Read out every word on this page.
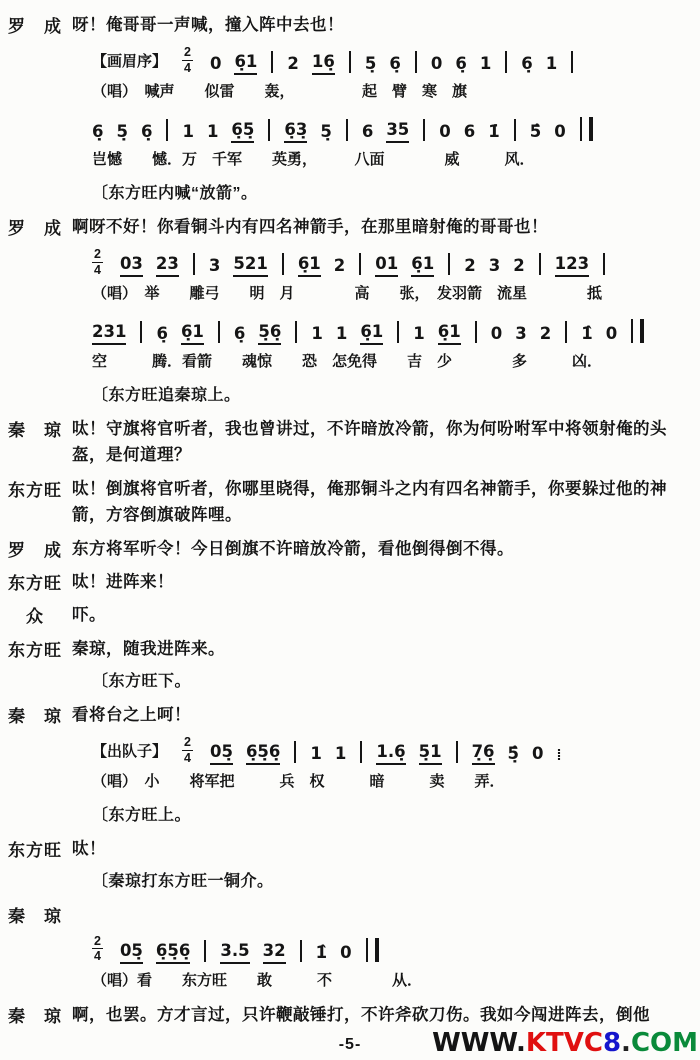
罗　成 呀！俺哥哥一声喊，撞入阵中去也！
【画眉序】 $\frac{2}{4} 0$ 6̣1 2 16̣ 5̣ 6̣ 0 6̣ 1 6̣ 1
（唱）　喊声　　似雷　　轰，　　　　　起　臂　寒　旗
6̣ 5̣ 6̣ 1 1 6̣5̣ 6̣3̣ 5̣ 6 35 0 6 1̇ 5̂ 0
岂憾　　憾．万　千军　　英勇，　　　八面　　　　威　　　风．
〔东方旺内喊“放箭”。
罗　成 啊呀不好！你看铜斗内有四名神箭手，在那里暗射俺的哥哥也！
$\frac{2}{4} 03$ 23 3 521 6̣1 2 01 6̣1 2 3 2 123
（唱）　举　　雕弓　　明　月　　　　高　　张，　发羽箭　流星　　　　抵
231 6̣ 6̣1 6̣ 5̣6̣ 1 1 6̣1 1 6̣1 0 3 2 1̂ 0
空　　　腾．看箭　　魂惊　　恐　怎免得　　吉　少　　　　多　　　凶．
〔东方旺追秦琼上。
秦　琼 呔！守旗将官听者，我也曾讲过，不许暗放冷箭，你为何吩咐军中将领射俺的头盔，是何道理？
东方旺 呔！倒旗将官听者，你哪里晓得，俺那铜斗之内有四名神箭手，你要躲过他的神箭，方容倒旗破阵哩。
罗　成 东方将军听令！今日倒旗不许暗放冷箭，看他倒得倒不得。
东方旺 呔！进阵来！
　众	吓。
东方旺 秦琼，随我进阵来。
〔东方旺下。
秦　琼 看将台之上呵！
【出队子】 $\frac{2}{4}$ 05̣ 6̣5̣6̣ 1 1 1.6̣ 5̣1 7̣6̣ 5̣̂ 0 ⁞
（唱）　小　　将军把　　　兵　权　　　暗　　　卖　　弄．
〔东方旺上。
东方旺 呔！
〔秦琼打东方旺一铜介。
秦　琼
$\frac{2}{4}$ 05̣ 6̣5̣6̣ 3.5 32 1̂ 0
（唱）看　　东方旺　　敢　　　不　　　　从．
秦　琼 啊，也罢。方才言过，只许鞭敲锤打，不许斧砍刀伤。我如今闯进阵去，倒他
-5-	WWW.KTVC8.COM
